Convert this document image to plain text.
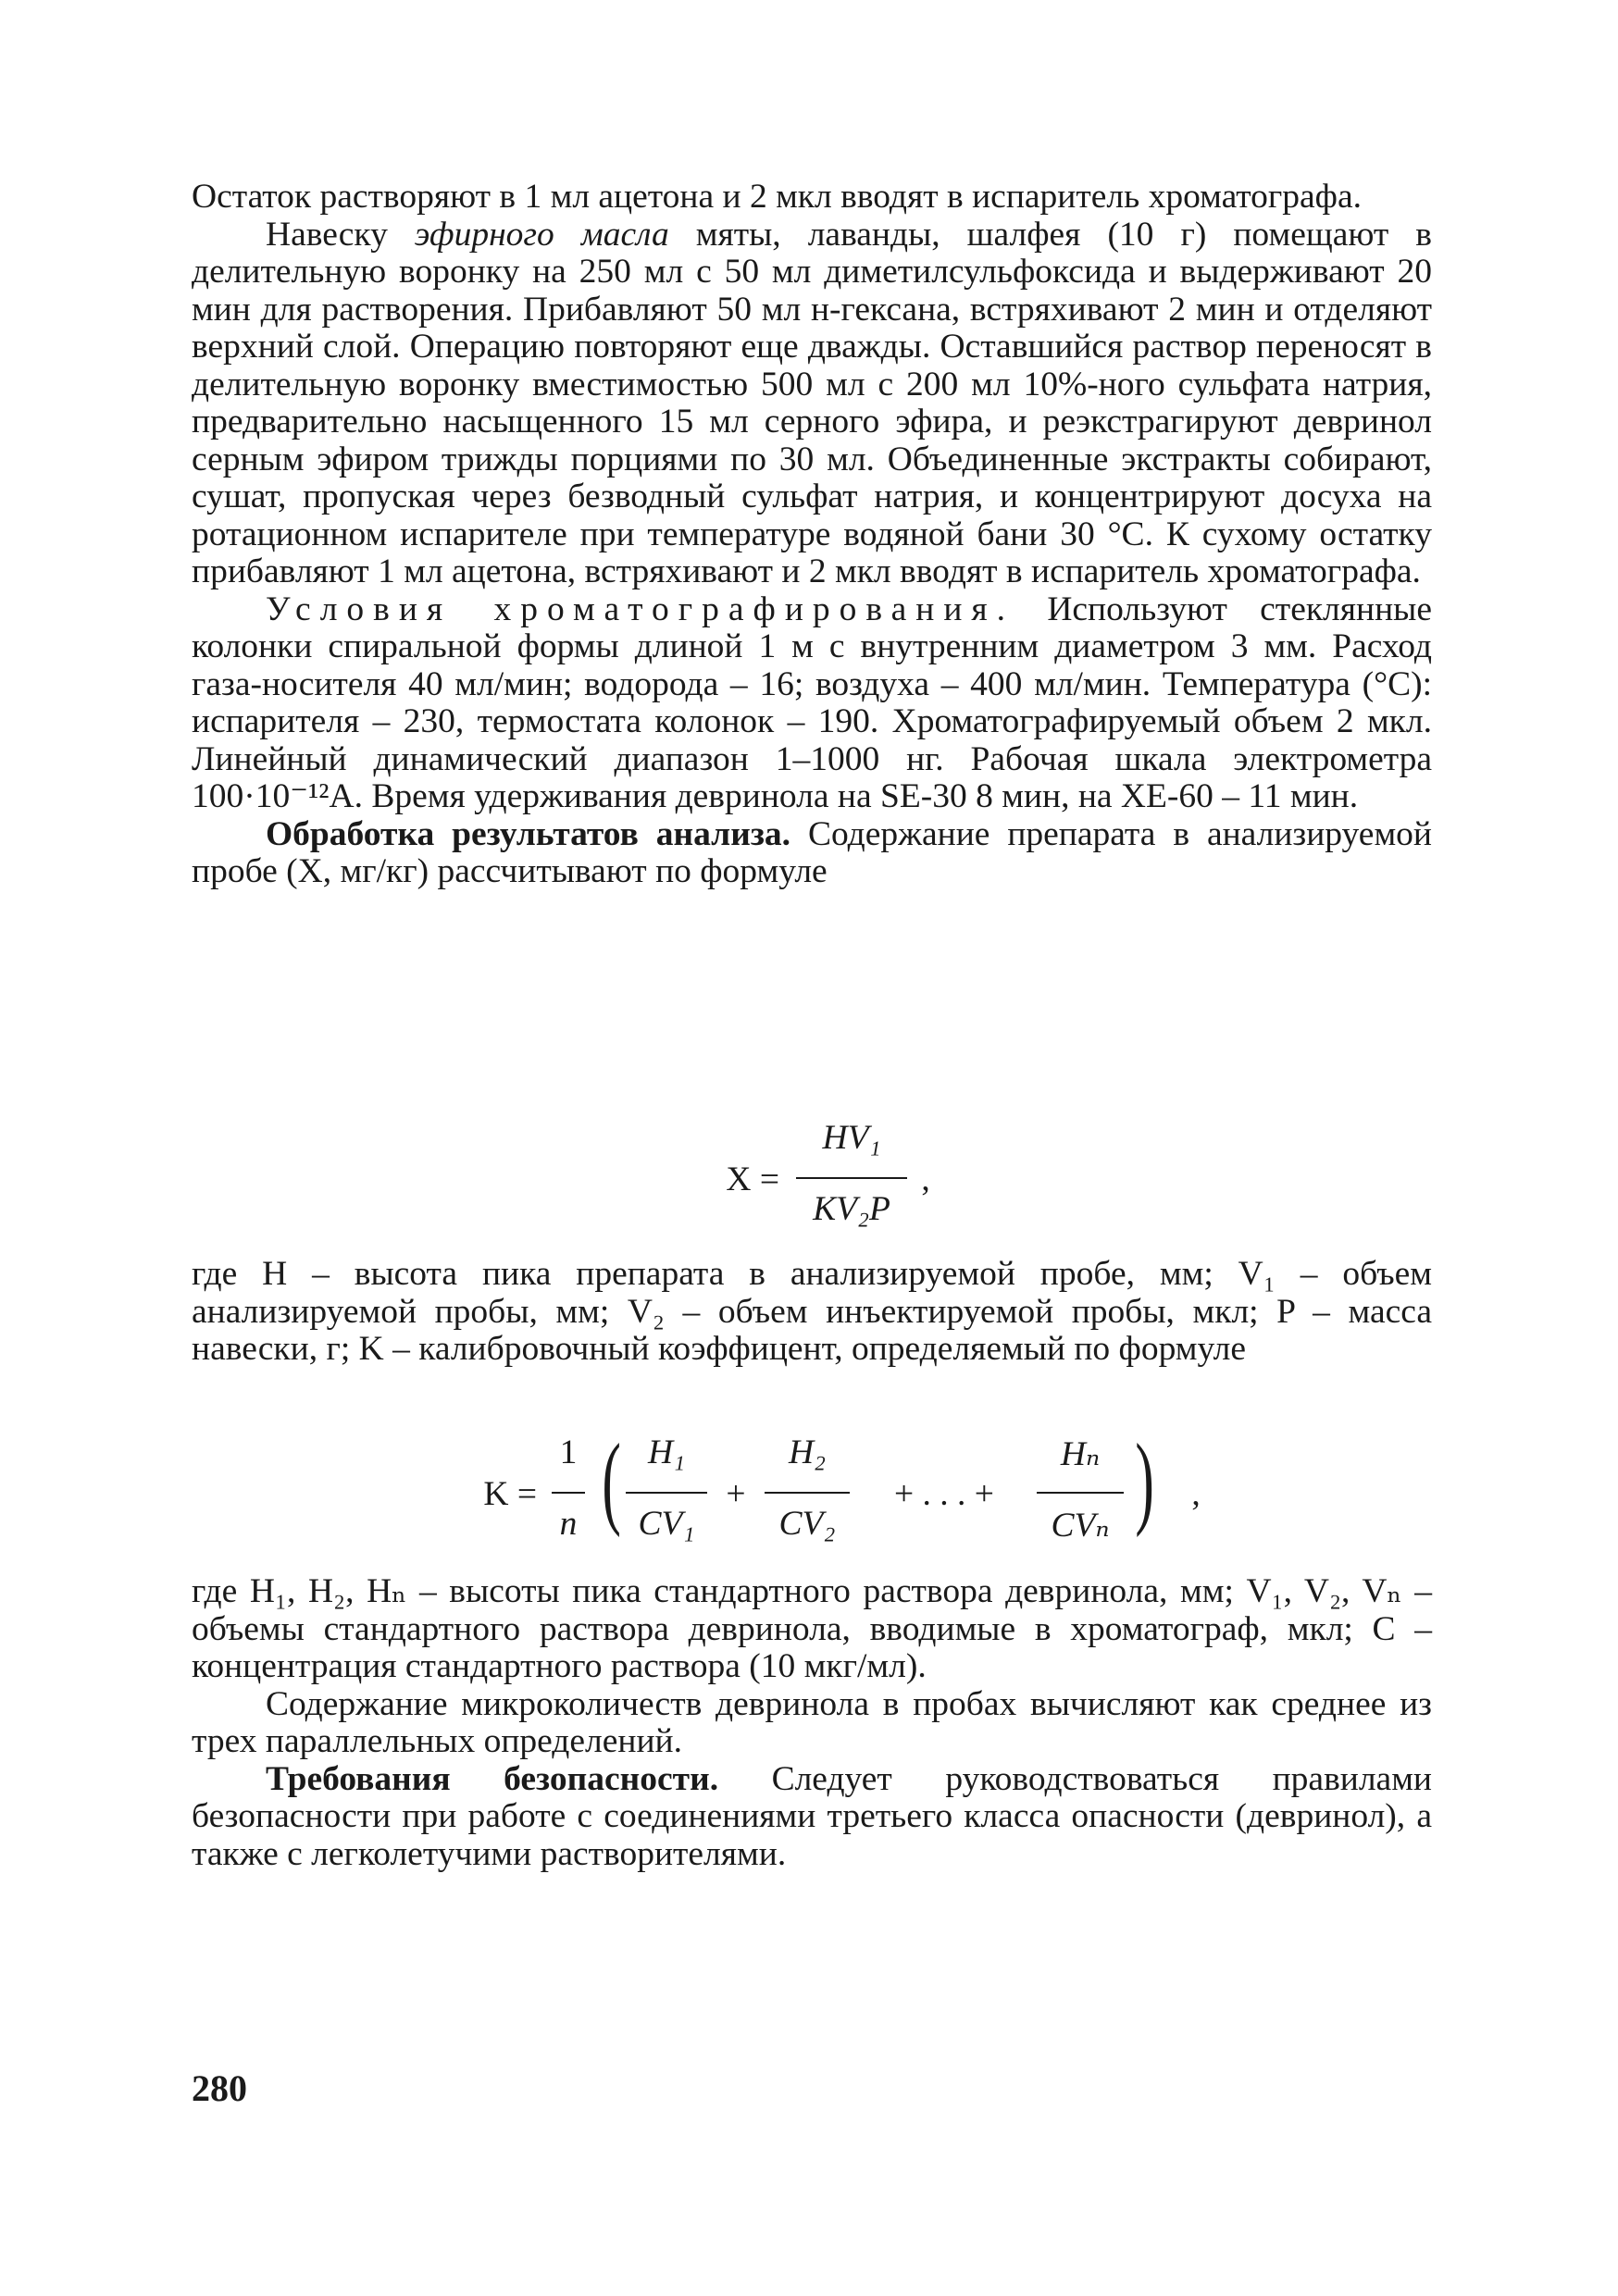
Остаток растворяют в 1 мл ацетона и 2 мкл вводят в испаритель хроматографа.

Навеску эфирного масла мяты, лаванды, шалфея (10 г) помещают в делительную воронку на 250 мл с 50 мл диметилсульфоксида и выдерживают 20 мин для растворения. Прибавляют 50 мл н-гексана, встряхивают 2 мин и отделяют верхний слой. Операцию повторяют еще дважды. Оставшийся раствор переносят в делительную воронку вместимостью 500 мл с 200 мл 10%-ного сульфата натрия, предварительно насыщенного 15 мл серного эфира, и реэкстрагируют девринол серным эфиром трижды порциями по 30 мл. Объединенные экстракты собирают, сушат, пропуская через безводный сульфат натрия, и концентрируют досуха на ротационном испарителе при температуре водяной бани 30 °С. К сухому остатку прибавляют 1 мл ацетона, встряхивают и 2 мкл вводят в испаритель хроматографа.

Условия хроматографирования. Используют стеклянные колонки спиральной формы длиной 1 м с внутренним диаметром 3 мм. Расход газа-носителя 40 мл/мин; водорода – 16; воздуха – 400 мл/мин. Температура (°С): испарителя – 230, термостата колонок – 190. Хроматографируемый объем 2 мкл. Линейный динамический диапазон 1–1000 нг. Рабочая шкала электрометра 100·10⁻¹²А. Время удерживания девринола на SE-30 8 мин, на XE-60 – 11 мин.

Обработка результатов анализа. Содержание препарата в анализируемой пробе (X, мг/кг) рассчитывают по формуле

X =
HV₁
KV₂P
,

где H – высота пика препарата в анализируемой пробе, мм; V₁ – объем анализируемой пробы, мм; V₂ – объем инъектируемой пробы, мкл; P – масса навески, г; K – калибровочный коэффицент, определяемый по формуле

K =
1
n ( H₁
CV₁
+
H₂
CV₂
+ . . . +
Hₙ
CVₙ ) ,

где H₁, H₂, Hₙ – высоты пика стандартного раствора девринола, мм; V₁, V₂, Vₙ – объемы стандартного раствора девринола, вводимые в хроматограф, мкл; C – концентрация стандартного раствора (10 мкг/мл).

Содержание микроколичеств девринола в пробах вычисляют как среднее из трех параллельных определений.

Требования безопасности. Следует руководствоваться правилами безопасности при работе с соединениями третьего класса опасности (девринол), а также с легколетучими растворителями.

280
